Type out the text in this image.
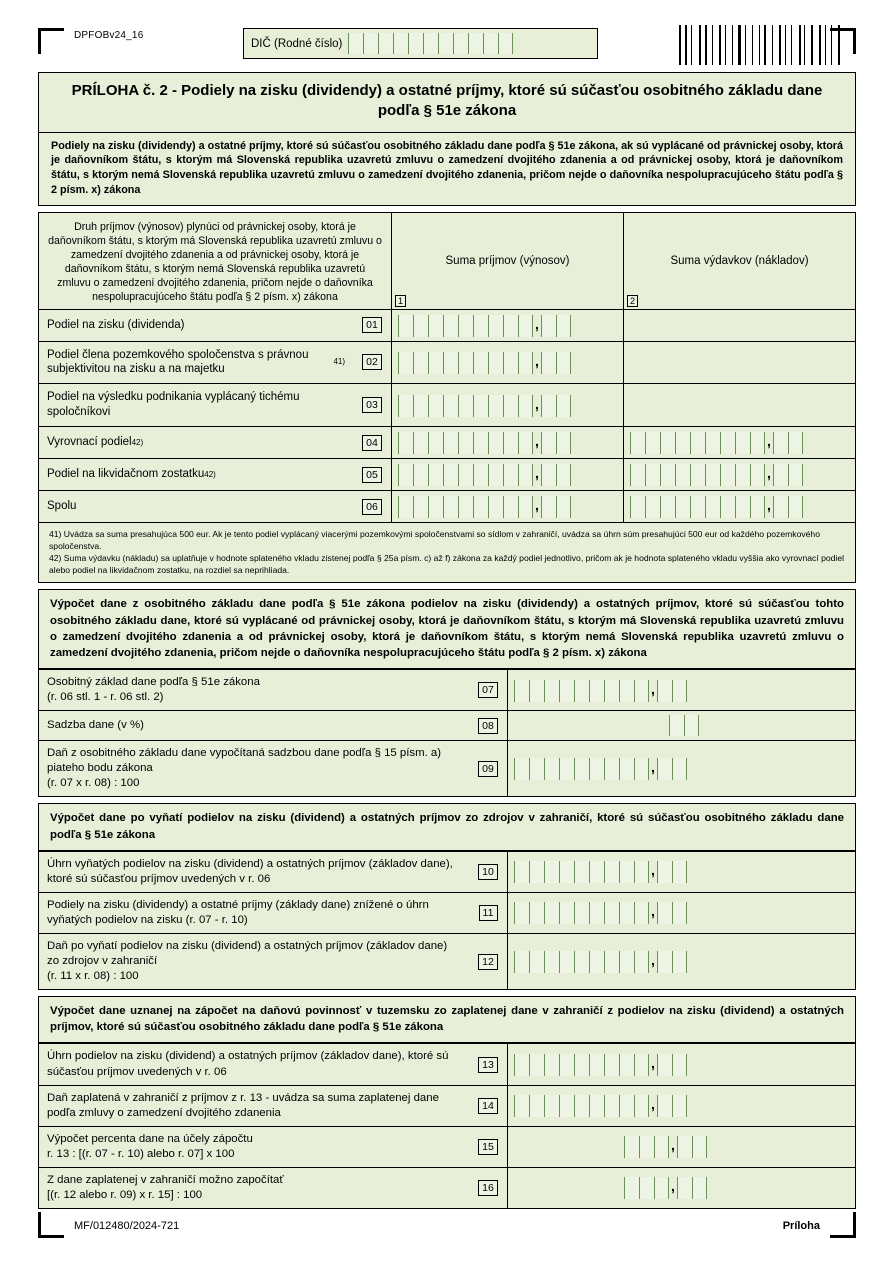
DPFOBv24_16
DIČ (Rodné číslo)
PRÍLOHA č. 2 - Podiely na zisku (dividendy) a ostatné príjmy, ktoré sú súčasťou osobitného základu dane podľa § 51e zákona
Podiely na zisku (dividendy) a ostatné príjmy, ktoré sú súčasťou osobitného základu dane podľa § 51e zákona, ak sú vyplácané od právnickej osoby, ktorá je daňovníkom štátu, s ktorým má Slovenská republika uzavretú zmluvu o zamedzení dvojitého zdanenia a od právnickej osoby, ktorá je daňovníkom štátu, s ktorým nemá Slovenská republika uzavretú zmluvu o zamedzení dvojitého zdanenia, pričom nejde o daňovníka nespolupracujúceho štátu podľa § 2 písm. x) zákona
Druh príjmov (výnosov) plynúci od právnickej osoby, ktorá je daňovníkom štátu, s ktorým má Slovenská republika uzavretú zmluvu o zamedzení dvojitého zdanenia a od právnickej osoby, ktorá je daňovníkom štátu, s ktorým nemá Slovenská republika uzavretú zmluvu o zamedzení dvojitého zdanenia, pričom nejde o daňovníka nespolupracujúceho štátu podľa § 2 písm. x) zákona
Suma príjmov (výnosov)
1
Suma výdavkov (nákladov)
2
Podiel na zisku (dividenda)	01	,
Podiel člena pozemkového spoločenstva s právnou subjektivitou na zisku a na majetku
41)	02	,
Podiel na výsledku podnikania vyplácaný tichému spoločníkovi
03	,
Vyrovnací podiel 42)	04	,	,
Podiel na likvidačnom zostatku 42)	05	,	,
Spolu	06	,	,
41) Uvádza sa suma presahujúca 500 eur. Ak je tento podiel vyplácaný viacerými pozemkovými spoločenstvami so sídlom v zahraničí, uvádza sa úhrn súm presahujúci 500 eur od každého pozemkového spoločenstva.
42) Suma výdavku (nákladu) sa uplatňuje v hodnote splateného vkladu zistenej podľa § 25a písm. c) až f) zákona za každý podiel jednotlivo, pričom ak je hodnota splateného vkladu vyššia ako vyrovnací podiel alebo podiel na likvidačnom zostatku, na rozdiel sa neprihliada.
Výpočet dane z osobitného základu dane podľa § 51e zákona podielov na zisku (dividendy) a ostatných príjmov, ktoré sú súčasťou tohto osobitného základu dane, ktoré sú vyplácané od právnickej osoby, ktorá je daňovníkom štátu, s ktorým má Slovenská republika uzavretú zmluvu o zamedzení dvojitého zdanenia a od právnickej osoby, ktorá je daňovníkom štátu, s ktorým nemá Slovenská republika uzavretú zmluvu o zamedzení dvojitého zdanenia, pričom nejde o daňovníka nespolupracujúceho štátu podľa § 2 písm. x) zákona
Osobitný základ dane podľa § 51e zákona
(r. 06 stl. 1 - r. 06 stl. 2)
07	,
Sadzba dane (v %)	08
Daň z osobitného základu dane vypočítaná sadzbou dane podľa § 15 písm. a) piateho bodu zákona
(r. 07 x r. 08) : 100
09	,
Výpočet dane po vyňatí podielov na zisku (dividend) a ostatných príjmov zo zdrojov v zahraničí, ktoré sú súčasťou osobitného základu dane podľa § 51e zákona
Úhrn vyňatých podielov na zisku (dividend) a ostatných príjmov (základov dane), ktoré sú súčasťou príjmov uvedených v r. 06
10	,
Podiely na zisku (dividendy) a ostatné príjmy (základy dane) znížené o úhrn vyňatých podielov na zisku (r. 07 - r. 10)
11	,
Daň po vyňatí podielov na zisku (dividend) a ostatných príjmov (základov dane) zo zdrojov v zahraničí
(r. 11 x r. 08) : 100
12	,
Výpočet dane uznanej na zápočet na daňovú povinnosť v tuzemsku zo zaplatenej dane v zahraničí z podielov na zisku (dividend) a ostatných príjmov, ktoré sú súčasťou osobitného základu dane podľa § 51e zákona
Úhrn podielov na zisku (dividend) a ostatných príjmov (základov dane), ktoré sú súčasťou príjmov uvedených v r. 06
13	,
Daň zaplatená v zahraničí z príjmov z r. 13 - uvádza sa suma zaplatenej dane podľa zmluvy o zamedzení dvojitého zdanenia
14	,
Výpočet percenta dane na účely zápočtu
r. 13 : [(r. 07 - r. 10) alebo r. 07] x 100
15	,
Z dane zaplatenej v zahraničí možno započítať
[(r. 12 alebo r. 09) x r. 15] : 100
16	,
MF/012480/2024-721	Príloha
